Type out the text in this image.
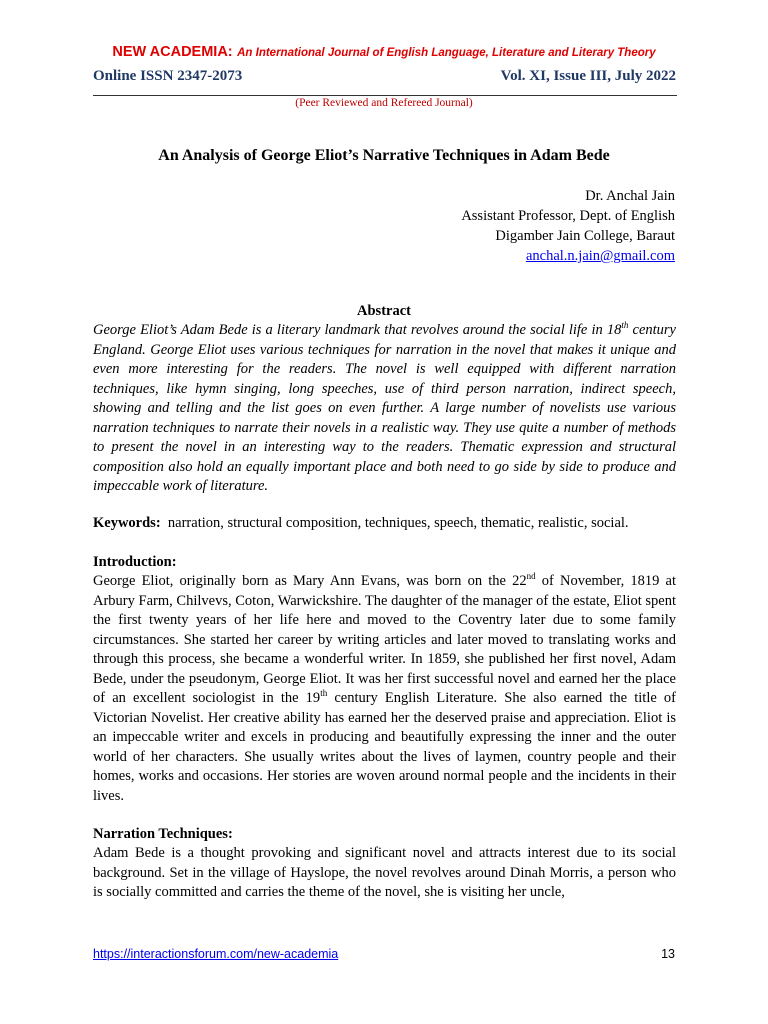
NEW ACADEMIA: An International Journal of English Language, Literature and Literary Theory
Online ISSN 2347-2073	Vol. XI, Issue III, July 2022
(Peer Reviewed and Refereed Journal)
An Analysis of George Eliot’s Narrative Techniques in Adam Bede
Dr. Anchal Jain
Assistant Professor, Dept. of English
Digamber Jain College, Baraut
anchal.n.jain@gmail.com
Abstract
George Eliot’s Adam Bede is a literary landmark that revolves around the social life in 18th century England. George Eliot uses various techniques for narration in the novel that makes it unique and even more interesting for the readers. The novel is well equipped with different narration techniques, like hymn singing, long speeches, use of third person narration, indirect speech, showing and telling and the list goes on even further. A large number of novelists use various narration techniques to narrate their novels in a realistic way. They use quite a number of methods to present the novel in an interesting way to the readers. Thematic expression and structural composition also hold an equally important place and both need to go side by side to produce and impeccable work of literature.
Keywords: narration, structural composition, techniques, speech, thematic, realistic, social.
Introduction:
George Eliot, originally born as Mary Ann Evans, was born on the 22nd of November, 1819 at Arbury Farm, Chilvevs, Coton, Warwickshire. The daughter of the manager of the estate, Eliot spent the first twenty years of her life here and moved to the Coventry later due to some family circumstances. She started her career by writing articles and later moved to translating works and through this process, she became a wonderful writer. In 1859, she published her first novel, Adam Bede, under the pseudonym, George Eliot. It was her first successful novel and earned her the place of an excellent sociologist in the 19th century English Literature. She also earned the title of Victorian Novelist. Her creative ability has earned her the deserved praise and appreciation. Eliot is an impeccable writer and excels in producing and beautifully expressing the inner and the outer world of her characters. She usually writes about the lives of laymen, country people and their homes, works and occasions. Her stories are woven around normal people and the incidents in their lives.
Narration Techniques:
Adam Bede is a thought provoking and significant novel and attracts interest due to its social background. Set in the village of Hayslope, the novel revolves around Dinah Morris, a person who is socially committed and carries the theme of the novel, she is visiting her uncle,
https://interactionsforum.com/new-academia	13
